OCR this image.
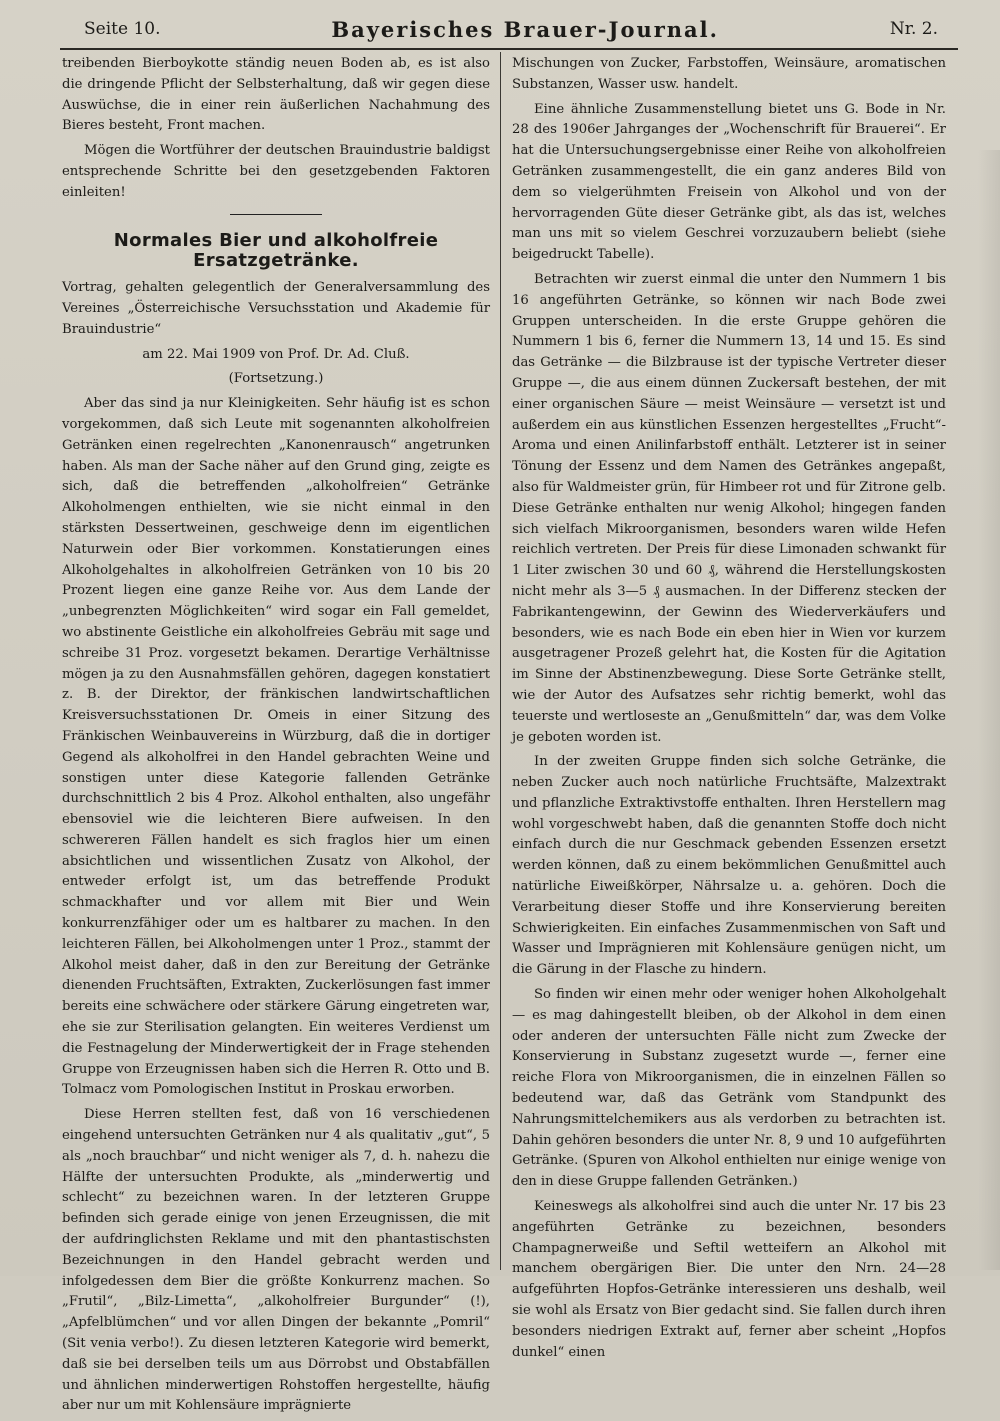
Seite 10.	Bayerisches Brauer-Journal.	Nr. 2.

treibenden Bierboykotte ständig neuen Boden ab, es ist also die dringende Pflicht der Selbsterhaltung, daß wir gegen diese Auswüchse, die in einer rein äußerlichen Nachahmung des Bieres besteht, Front machen.

Mögen die Wortführer der deutschen Brauindustrie baldigst entsprechende Schritte bei den gesetzgebenden Faktoren einleiten!

Normales Bier und alkoholfreie Ersatzgetränke.

Vortrag, gehalten gelegentlich der Generalversammlung des Vereines „Österreichische Versuchsstation und Akademie für Brauindustrie“

am 22. Mai 1909 von Prof. Dr. Ad. Cluß.

(Fortsetzung.)

Aber das sind ja nur Kleinigkeiten. Sehr häufig ist es schon vorgekommen, daß sich Leute mit sogenannten alkoholfreien Getränken einen regelrechten „Kanonenrausch“ angetrunken haben. Als man der Sache näher auf den Grund ging, zeigte es sich, daß die betreffenden „alkoholfreien“ Getränke Alkoholmengen enthielten, wie sie nicht einmal in den stärksten Dessertweinen, geschweige denn im eigentlichen Naturwein oder Bier vorkommen. Konstatierungen eines Alkoholgehaltes in alkoholfreien Getränken von 10 bis 20 Prozent liegen eine ganze Reihe vor. Aus dem Lande der „unbegrenzten Möglichkeiten“ wird sogar ein Fall gemeldet, wo abstinente Geistliche ein alkoholfreies Gebräu mit sage und schreibe 31 Proz. vorgesetzt bekamen. Derartige Verhältnisse mögen ja zu den Ausnahmsfällen gehören, dagegen konstatiert z. B. der Direktor, der fränkischen landwirtschaftlichen Kreisversuchsstationen Dr. Omeis in einer Sitzung des Fränkischen Weinbauvereins in Würzburg, daß die in dortiger Gegend als alkoholfrei in den Handel gebrachten Weine und sonstigen unter diese Kategorie fallenden Getränke durchschnittlich 2 bis 4 Proz. Alkohol enthalten, also ungefähr ebensoviel wie die leichteren Biere aufweisen. In den schwereren Fällen handelt es sich fraglos hier um einen absichtlichen und wissentlichen Zusatz von Alkohol, der entweder erfolgt ist, um das betreffende Produkt schmackhafter und vor allem mit Bier und Wein konkurrenzfähiger oder um es haltbarer zu machen. In den leichteren Fällen, bei Alkoholmengen unter 1 Proz., stammt der Alkohol meist daher, daß in den zur Bereitung der Getränke dienenden Fruchtsäften, Extrakten, Zuckerlösungen fast immer bereits eine schwächere oder stärkere Gärung eingetreten war, ehe sie zur Sterilisation gelangten. Ein weiteres Verdienst um die Festnagelung der Minderwertigkeit der in Frage stehenden Gruppe von Erzeugnissen haben sich die Herren R. Otto und B. Tolmacz vom Pomologischen Institut in Proskau erworben.

Diese Herren stellten fest, daß von 16 verschiedenen eingehend untersuchten Getränken nur 4 als qualitativ „gut“, 5 als „noch brauchbar“ und nicht weniger als 7, d. h. nahezu die Hälfte der untersuchten Produkte, als „minderwertig und schlecht“ zu bezeichnen waren. In der letzteren Gruppe befinden sich gerade einige von jenen Erzeugnissen, die mit der aufdringlichsten Reklame und mit den phantastischsten Bezeichnungen in den Handel gebracht werden und infolgedessen dem Bier die größte Konkurrenz machen. So „Frutil“, „Bilz-Limetta“, „alkoholfreier Burgunder“ (!), „Apfelblümchen“ und vor allen Dingen der bekannte „Pomril“ (Sit venia verbo!). Zu diesen letzteren Kategorie wird bemerkt, daß sie bei derselben teils um aus Dörrobst und Obstabfällen und ähnlichen minderwertigen Rohstoffen hergestellte, häufig aber nur um mit Kohlensäure imprägnierte

Mischungen von Zucker, Farbstoffen, Weinsäure, aromatischen Substanzen, Wasser usw. handelt.

Eine ähnliche Zusammenstellung bietet uns G. Bode in Nr. 28 des 1906er Jahrganges der „Wochenschrift für Brauerei“. Er hat die Untersuchungsergebnisse einer Reihe von alkoholfreien Getränken zusammengestellt, die ein ganz anderes Bild von dem so vielgerühmten Freisein von Alkohol und von der hervorragenden Güte dieser Getränke gibt, als das ist, welches man uns mit so vielem Geschrei vorzuzaubern beliebt (siehe beigedruckt Tabelle).

Betrachten wir zuerst einmal die unter den Nummern 1 bis 16 angeführten Getränke, so können wir nach Bode zwei Gruppen unterscheiden. In die erste Gruppe gehören die Nummern 1 bis 6, ferner die Nummern 13, 14 und 15. Es sind das Getränke — die Bilzbrause ist der typische Vertreter dieser Gruppe —, die aus einem dünnen Zuckersaft bestehen, der mit einer organischen Säure — meist Weinsäure — versetzt ist und außerdem ein aus künstlichen Essenzen hergestelltes „Frucht“-Aroma und einen Anilinfarbstoff enthält. Letzterer ist in seiner Tönung der Essenz und dem Namen des Getränkes angepaßt, also für Waldmeister grün, für Himbeer rot und für Zitrone gelb. Diese Getränke enthalten nur wenig Alkohol; hingegen fanden sich vielfach Mikroorganismen, besonders waren wilde Hefen reichlich vertreten. Der Preis für diese Limonaden schwankt für 1 Liter zwischen 30 und 60 ₰, während die Herstellungskosten nicht mehr als 3—5 ₰ ausmachen. In der Differenz stecken der Fabrikantengewinn, der Gewinn des Wiederverkäufers und besonders, wie es nach Bode ein eben hier in Wien vor kurzem ausgetragener Prozeß gelehrt hat, die Kosten für die Agitation im Sinne der Abstinenzbewegung. Diese Sorte Getränke stellt, wie der Autor des Aufsatzes sehr richtig bemerkt, wohl das teuerste und wertloseste an „Genußmitteln“ dar, was dem Volke je geboten worden ist.

In der zweiten Gruppe finden sich solche Getränke, die neben Zucker auch noch natürliche Fruchtsäfte, Malzextrakt und pflanzliche Extraktivstoffe enthalten. Ihren Herstellern mag wohl vorgeschwebt haben, daß die genannten Stoffe doch nicht einfach durch die nur Geschmack gebenden Essenzen ersetzt werden können, daß zu einem bekömmlichen Genußmittel auch natürliche Eiweißkörper, Nährsalze u. a. gehören. Doch die Verarbeitung dieser Stoffe und ihre Konservierung bereiten Schwierigkeiten. Ein einfaches Zusammenmischen von Saft und Wasser und Imprägnieren mit Kohlensäure genügen nicht, um die Gärung in der Flasche zu hindern.

So finden wir einen mehr oder weniger hohen Alkoholgehalt — es mag dahingestellt bleiben, ob der Alkohol in dem einen oder anderen der untersuchten Fälle nicht zum Zwecke der Konservierung in Substanz zugesetzt wurde —, ferner eine reiche Flora von Mikroorganismen, die in einzelnen Fällen so bedeutend war, daß das Getränk vom Standpunkt des Nahrungsmittelchemikers aus als verdorben zu betrachten ist. Dahin gehören besonders die unter Nr. 8, 9 und 10 aufgeführten Getränke. (Spuren von Alkohol enthielten nur einige wenige von den in diese Gruppe fallenden Getränken.)

Keineswegs als alkoholfrei sind auch die unter Nr. 17 bis 23 angeführten Getränke zu bezeichnen, besonders Champagnerweiße und Seftil wetteifern an Alkohol mit manchem obergärigen Bier. Die unter den Nrn. 24—28 aufgeführten Hopfos-Getränke interessieren uns deshalb, weil sie wohl als Ersatz von Bier gedacht sind. Sie fallen durch ihren besonders niedrigen Extrakt auf, ferner aber scheint „Hopfos dunkel“ einen
